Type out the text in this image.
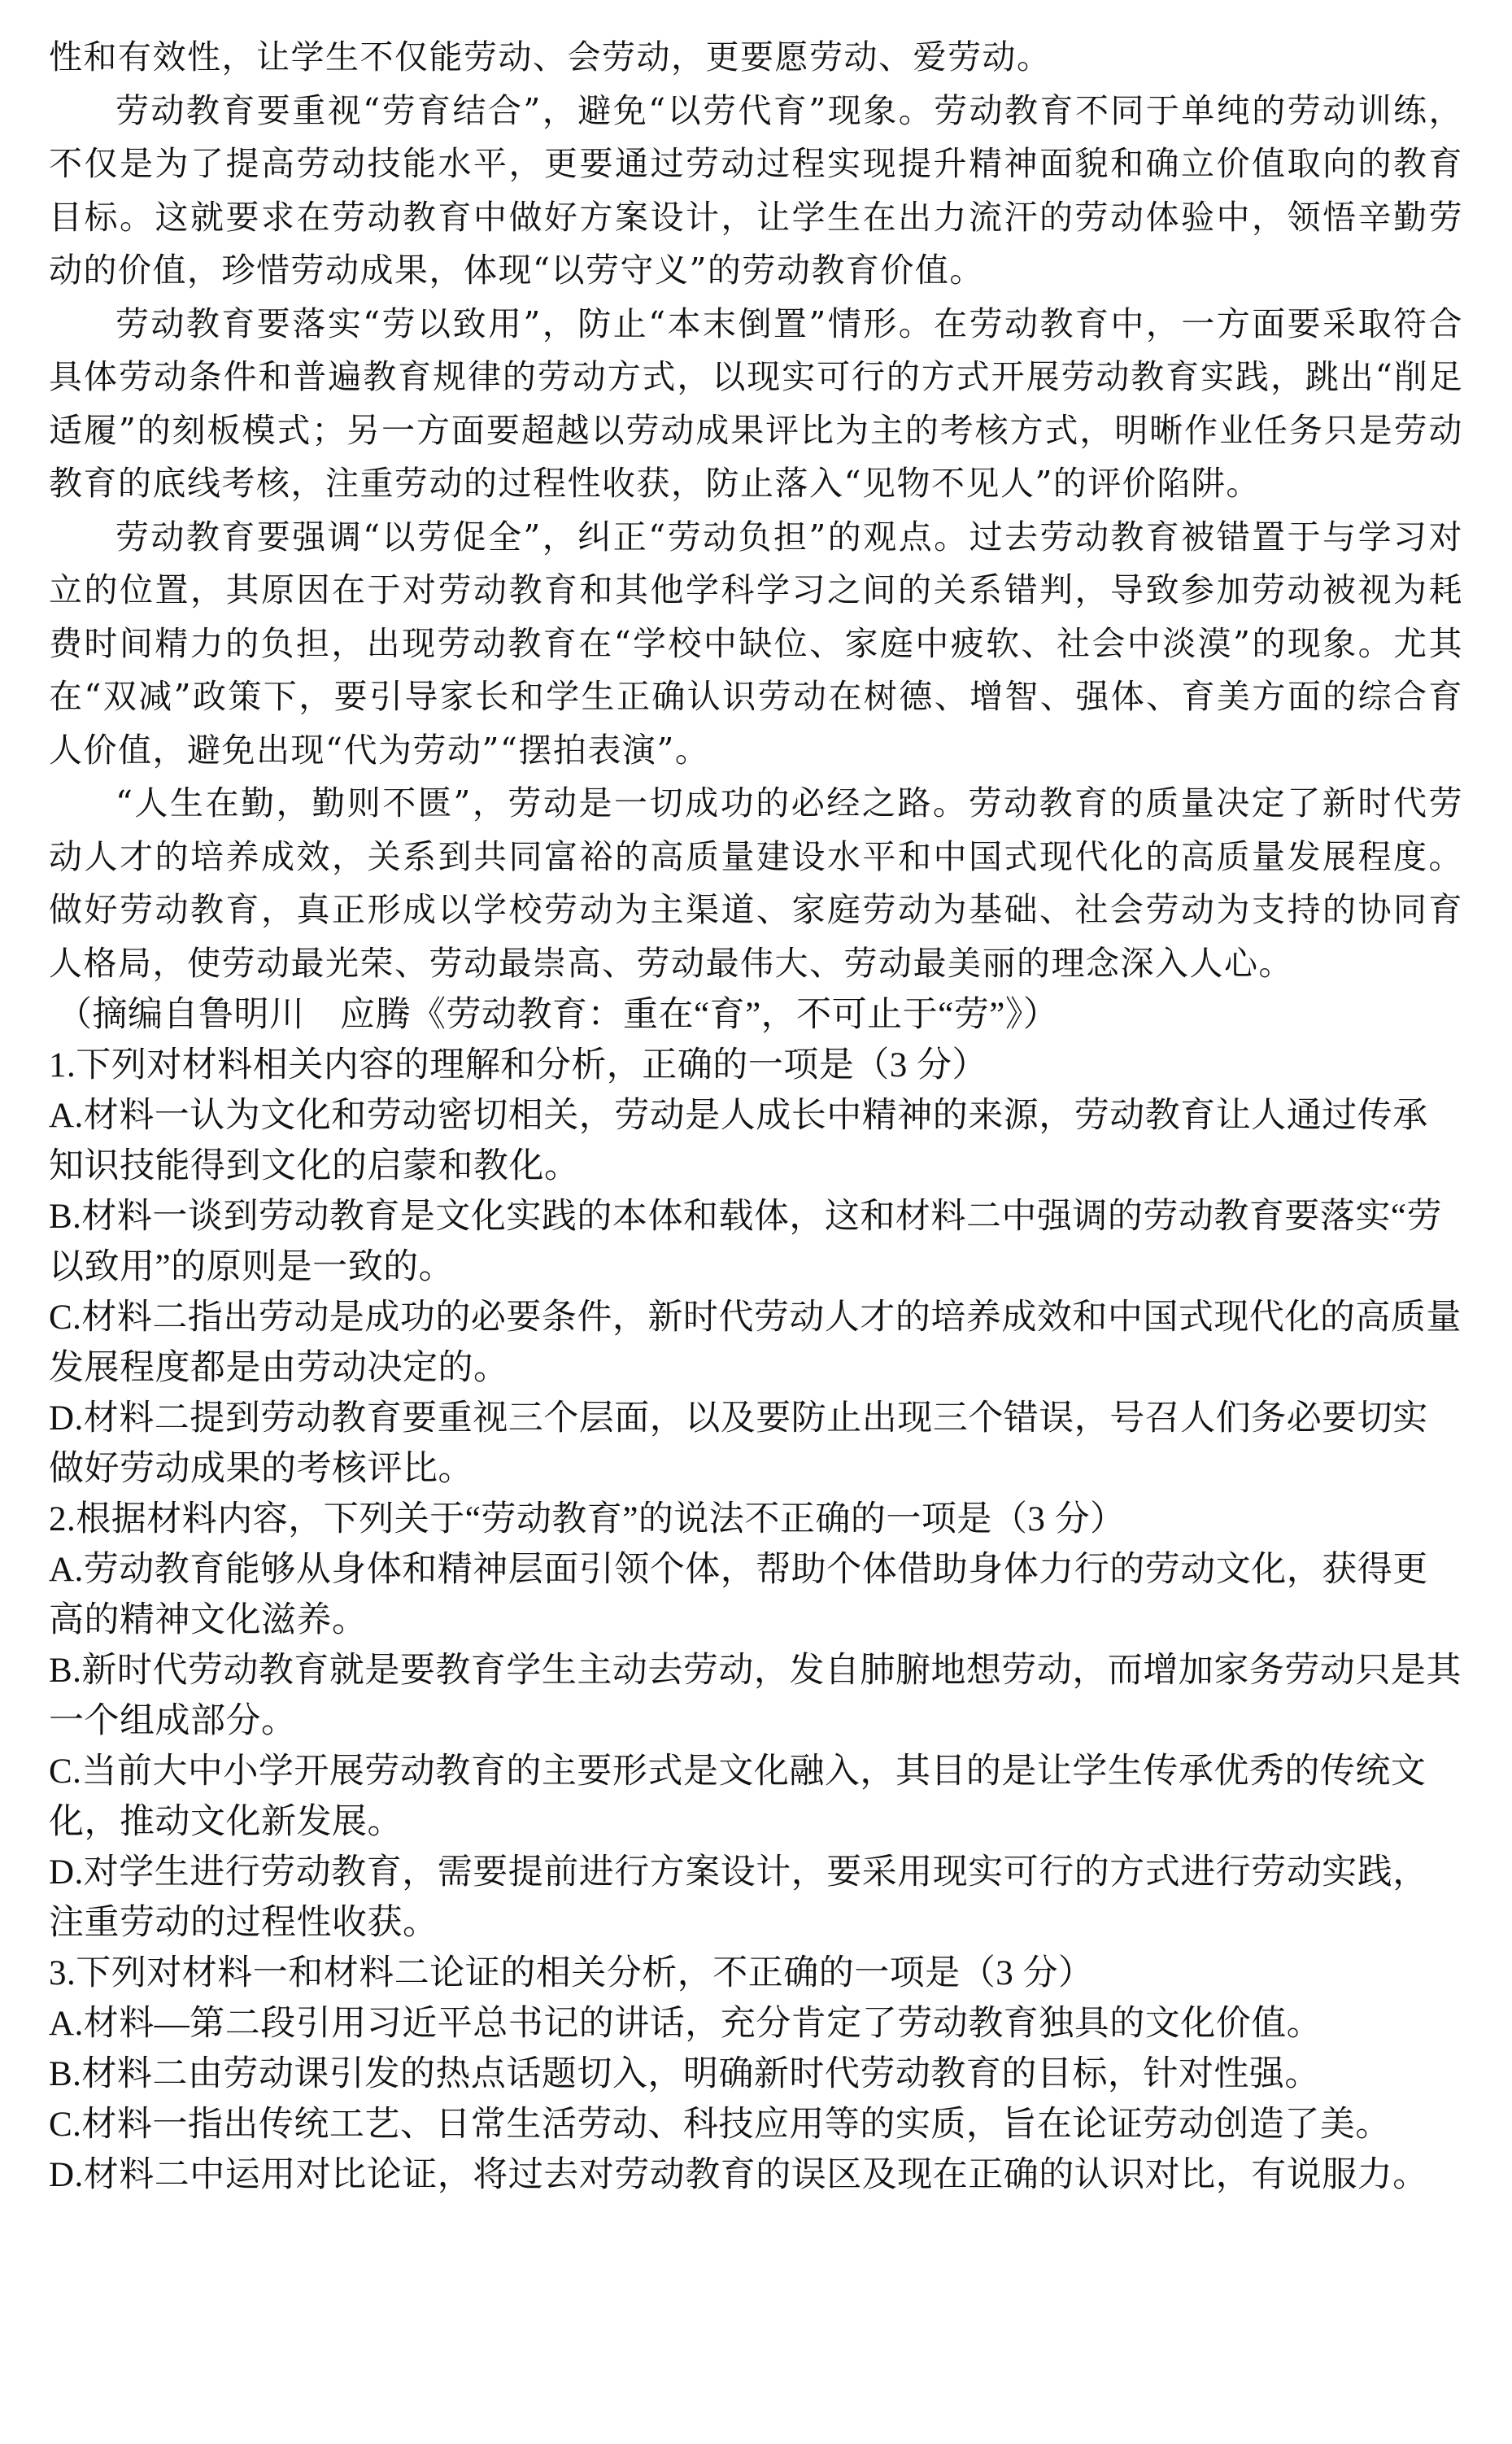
性和有效性，让学生不仅能劳动、会劳动，更要愿劳动、爱劳动。

劳动教育要重视“劳育结合”，避免“以劳代育”现象。劳动教育不同于单纯的劳动训练，不仅是为了提高劳动技能水平，更要通过劳动过程实现提升精神面貌和确立价值取向的教育目标。这就要求在劳动教育中做好方案设计，让学生在出力流汗的劳动体验中，领悟辛勤劳动的价值，珍惜劳动成果，体现“以劳守义”的劳动教育价值。

劳动教育要落实“劳以致用”，防止“本末倒置”情形。在劳动教育中，一方面要采取符合具体劳动条件和普遍教育规律的劳动方式，以现实可行的方式开展劳动教育实践，跳出“削足适履”的刻板模式；另一方面要超越以劳动成果评比为主的考核方式，明晰作业任务只是劳动教育的底线考核，注重劳动的过程性收获，防止落入“见物不见人”的评价陷阱。

劳动教育要强调“以劳促全”，纠正“劳动负担”的观点。过去劳动教育被错置于与学习对立的位置，其原因在于对劳动教育和其他学科学习之间的关系错判，导致参加劳动被视为耗费时间精力的负担，出现劳动教育在“学校中缺位、家庭中疲软、社会中淡漠”的现象。尤其在“双减”政策下，要引导家长和学生正确认识劳动在树德、增智、强体、育美方面的综合育人价值，避免出现“代为劳动”“摆拍表演”。

“人生在勤，勤则不匮”，劳动是一切成功的必经之路。劳动教育的质量决定了新时代劳动人才的培养成效，关系到共同富裕的高质量建设水平和中国式现代化的高质量发展程度。做好劳动教育，真正形成以学校劳动为主渠道、家庭劳动为基础、社会劳动为支持的协同育人格局，使劳动最光荣、劳动最崇高、劳动最伟大、劳动最美丽的理念深入人心。

（摘编自鲁明川　应腾《劳动教育：重在“育”，不可止于“劳”》）

1.下列对材料相关内容的理解和分析，正确的一项是（3 分）

A.材料一认为文化和劳动密切相关，劳动是人成长中精神的来源，劳动教育让人通过传承知识技能得到文化的启蒙和教化。

B.材料一谈到劳动教育是文化实践的本体和载体，这和材料二中强调的劳动教育要落实“劳以致用”的原则是一致的。

C.材料二指出劳动是成功的必要条件，新时代劳动人才的培养成效和中国式现代化的高质量发展程度都是由劳动决定的。

D.材料二提到劳动教育要重视三个层面，以及要防止出现三个错误，号召人们务必要切实做好劳动成果的考核评比。

2.根据材料内容，下列关于“劳动教育”的说法不正确的一项是（3 分）

A.劳动教育能够从身体和精神层面引领个体，帮助个体借助身体力行的劳动文化，获得更高的精神文化滋养。

B.新时代劳动教育就是要教育学生主动去劳动，发自肺腑地想劳动，而增加家务劳动只是其一个组成部分。

C.当前大中小学开展劳动教育的主要形式是文化融入，其目的是让学生传承优秀的传统文化，推动文化新发展。

D.对学生进行劳动教育，需要提前进行方案设计，要采用现实可行的方式进行劳动实践，注重劳动的过程性收获。

3.下列对材料一和材料二论证的相关分析，不正确的一项是（3 分）

A.材料—第二段引用习近平总书记的讲话，充分肯定了劳动教育独具的文化价值。

B.材料二由劳动课引发的热点话题切入，明确新时代劳动教育的目标，针对性强。

C.材料一指出传统工艺、日常生活劳动、科技应用等的实质，旨在论证劳动创造了美。

D.材料二中运用对比论证，将过去对劳动教育的误区及现在正确的认识对比，有说服力。
